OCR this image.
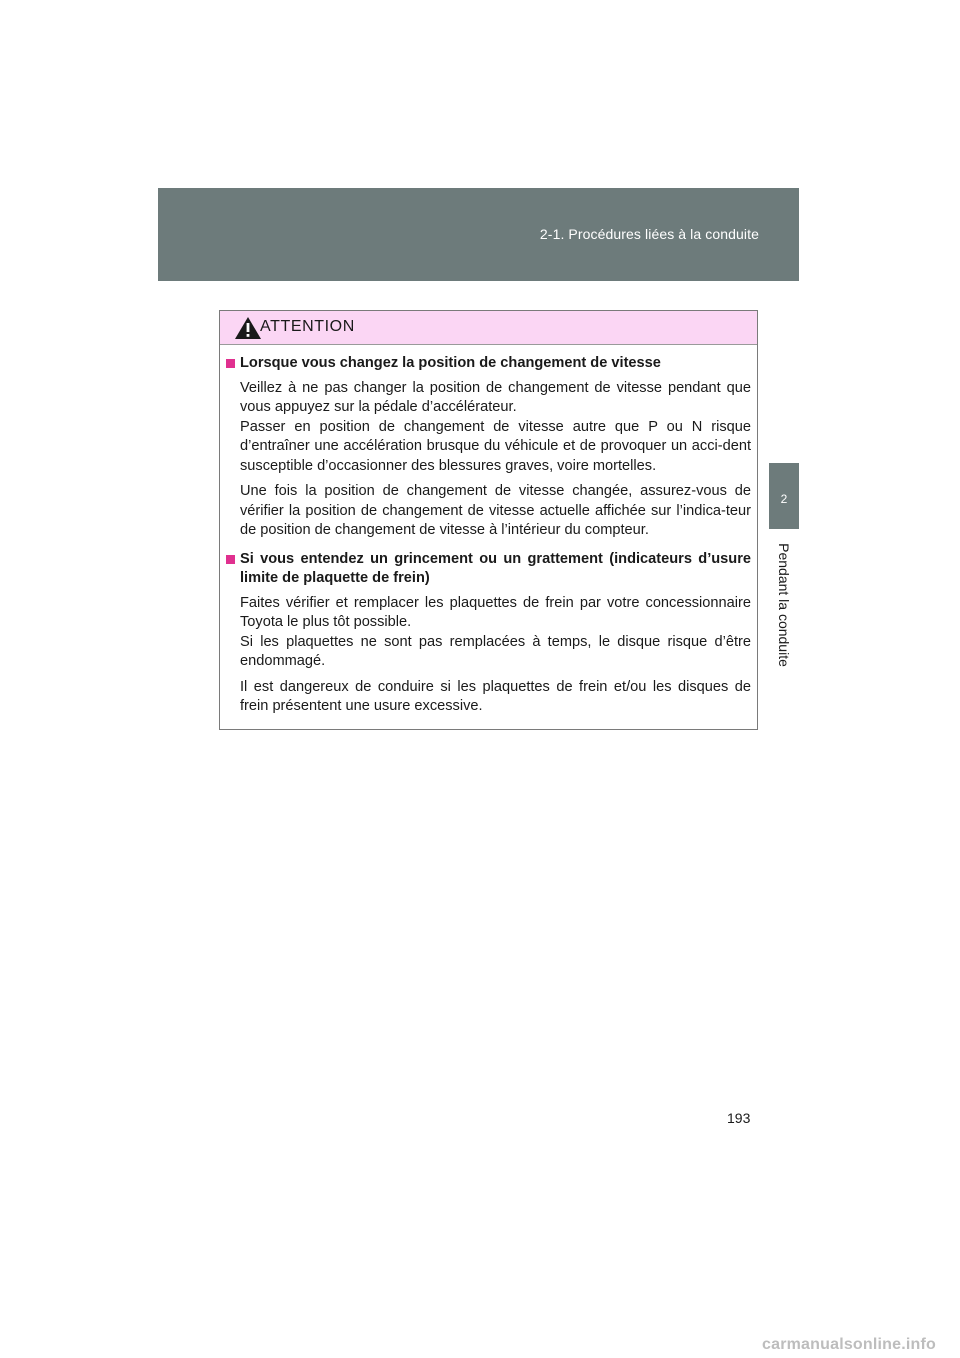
2-1. Procédures liées à la conduite
2
Pendant la conduite
ATTENTION
Lorsque vous changez la position de changement de vitesse
Veillez à ne pas changer la position de changement de vitesse pendant que vous appuyez sur la pédale d’accélérateur.
Passer en position de changement de vitesse autre que P ou N risque d’entraîner une accélération brusque du véhicule et de provoquer un acci-dent susceptible d’occasionner des blessures graves, voire mortelles.
Une fois la position de changement de vitesse changée, assurez-vous de vérifier la position de changement de vitesse actuelle affichée sur l’indica-teur de position de changement de vitesse à l’intérieur du compteur.
Si vous entendez un grincement ou un grattement (indicateurs d’usure limite de plaquette de frein)
Faites vérifier et remplacer les plaquettes de frein par votre concessionnaire Toyota le plus tôt possible.
Si les plaquettes ne sont pas remplacées à temps, le disque risque d’être endommagé.
Il est dangereux de conduire si les plaquettes de frein et/ou les disques de frein présentent une usure excessive.
193
carmanualsonline.info
